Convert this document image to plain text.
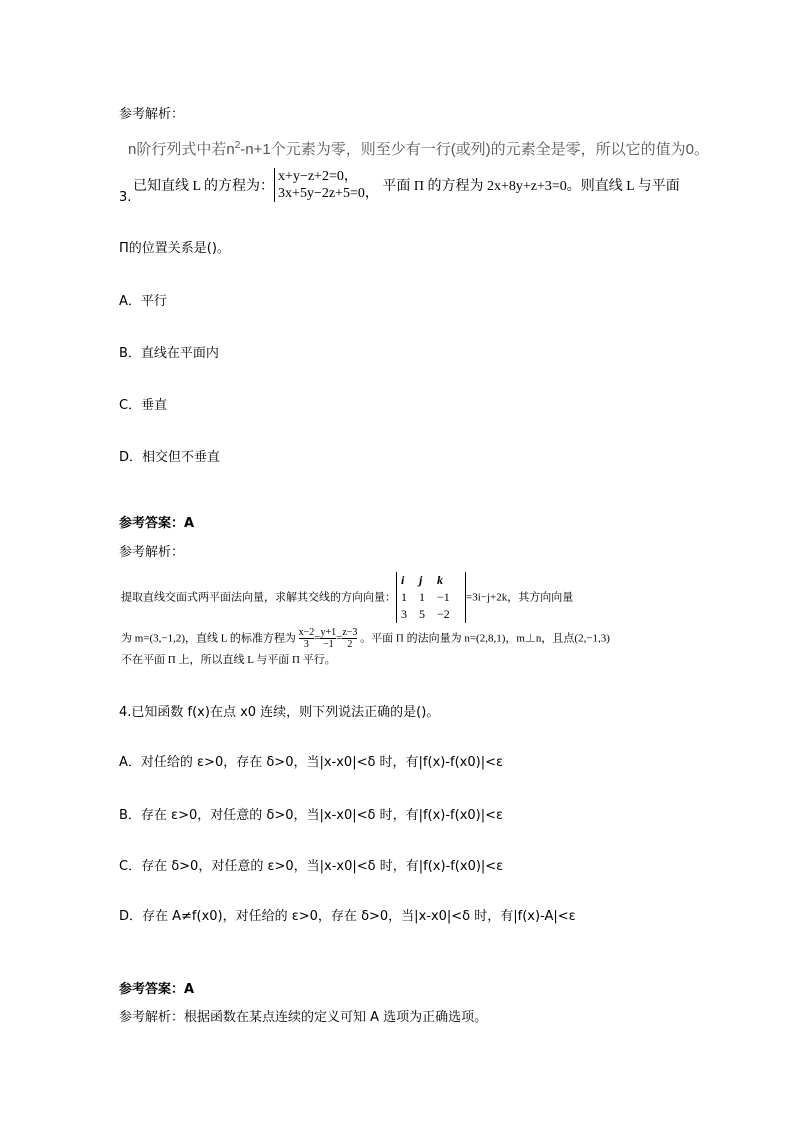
参考解析：
n阶行列式中若$n^2-n+1$个元素为零，则至少有一行(或列)的元素全是零，所以它的值为0。
3.
已知直线 L 的方程为：x+y−z+2=0，
3x+5y−2z+5=0， 平面 Π 的方程为 2x+8y+z+3=0。则直线 L 与平面
Π的位置关系是()。
A．平行
B．直线在平面内
C．垂直
D．相交但不垂直
参考答案：A
参考解析：
提取直线交面式两平面法向量，求解其交线的方向向量：i j k
1 1 −1
3 5 −2=3i−j+2k，其方向向量
为 m=(3,−1,2)，直线 L 的标准方程为 $\frac{x-2}{3}= \frac{y+1}{-1}= \frac{z-3}{2}$ 。平面 Π 的法向量为 n=(2,8,1)，m⊥n，且点(2,−1,3)
不在平面 Π 上，所以直线 L 与平面 Π 平行。
4.已知函数 f(x)在点 x0 连续，则下列说法正确的是()。
A．对任给的 ε>0，存在 δ>0，当|x-x0|<δ 时，有|f(x)-f(x0)|<ε
B．存在 ε>0，对任意的 δ>0，当|x-x0|<δ 时，有|f(x)-f(x0)|<ε
C．存在 δ>0，对任意的 ε>0，当|x-x0|<δ 时，有|f(x)-f(x0)|<ε
D．存在 A≠f(x0)，对任给的 ε>0，存在 δ>0，当|x-x0|<δ 时，有|f(x)-A|<ε
参考答案：A
参考解析：根据函数在某点连续的定义可知 A 选项为正确选项。
